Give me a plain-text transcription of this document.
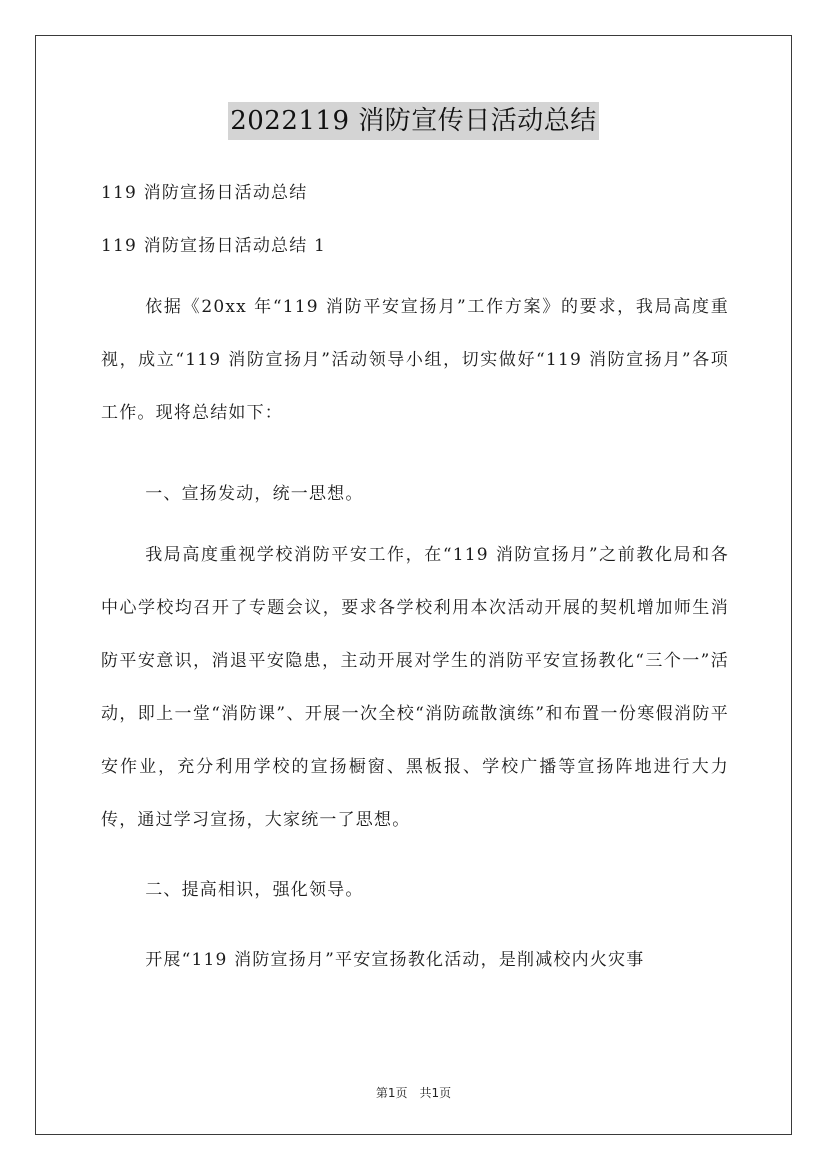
2022119 消防宣传日活动总结
119 消防宣扬日活动总结
119 消防宣扬日活动总结 1
依据《20xx 年“119 消防平安宣扬月”工作方案》的要求，我局高度重视，成立“119 消防宣扬月”活动领导小组，切实做好“119 消防宣扬月”各项工作。现将总结如下：
一、宣扬发动，统一思想。
我局高度重视学校消防平安工作，在“119 消防宣扬月”之前教化局和各中心学校均召开了专题会议，要求各学校利用本次活动开展的契机增加师生消防平安意识，消退平安隐患，主动开展对学生的消防平安宣扬教化“三个一”活动，即上一堂“消防课”、开展一次全校“消防疏散演练”和布置一份寒假消防平安作业，充分利用学校的宣扬橱窗、黑板报、学校广播等宣扬阵地进行大力传，通过学习宣扬，大家统一了思想。
二、提高相识，强化领导。
开展“119 消防宣扬月”平安宣扬教化活动，是削减校内火灾事
第1页　共1页
